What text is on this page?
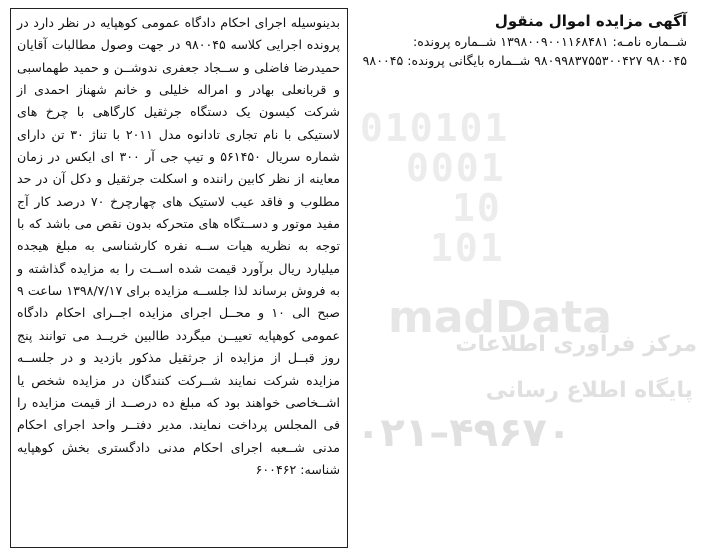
010101
0001
10
101
madData
مرکز فرآوری اطلاعات
پایگاه اطلاع رسانی
۰۲۱–۴۹۶۷۰
آگهی مزایده اموال منقول
شــماره نامـه: ۱۳۹۸۰۰۹۰۰۱۱۶۸۴۸۱ شــماره پرونده:
۹۸۰۰۴۵ ۹۸۰۹۹۸۳۷۵۵۳۰۰۴۲۷ شــماره بایگانی پرونده: ۹۸۰۰۴۵
بدینوسیله اجرای احکام دادگاه عمومی کوهپایه در نظر دارد در پرونده اجرایی کلاسه ۹۸۰۰۴۵ در جهت وصول مطالبات آقایان حمیدرضا فاضلی و ســجاد جعفری ندوشــن و حمید طهماسبی و قربانعلی بهادر و امراله خلیلی و خانم شهناز احمدی از شرکت کیسون یک دستگاه جرثقیل کارگاهی با چرخ های لاستیکی با نام تجاری تادانوه مدل ۲۰۱۱ با تناژ ۳۰ تن دارای شماره سریال ۵۶۱۴۵۰ و تیپ جی آر ۳۰۰ ای ایکس در زمان معاینه از نظر کابین راننده و اسکلت جرثقیل و دکل آن در حد مطلوب و فاقد عیب لاستیک های چهارچرخ ۷۰ درصد کار آج مفید موتور و دســتگاه های متحرکه بدون نقص می باشد که با توجه به نظریه هیات ســه نفره کارشناسی به مبلغ هیجده میلیارد ریال برآورد قیمت شده اســت را به مزایده گذاشته و به فروش برساند لذا جلســه مزایده برای ۱۳۹۸/۷/۱۷ ساعت ۹ صبح الی ۱۰ و محــل اجرای مزایده اجــرای احکام دادگاه عمومی کوهپایه تعییــن میگردد طالبین خریــد می توانند پنج روز قبــل از مزایده از جرثقیل مذکور بازدید و در جلســه مزایده شرکت نمایند شــرکت کنندگان در مزایده شخص یا اشــخاصی خواهند بود که مبلغ ده درصــد از قیمت مزایده را فی المجلس پرداخت نمایند. مدیر دفتــر واحد اجرای احکام مدنی شــعبه اجرای احکام مدنی دادگستری بخش کوهپایه شناسه: ۶۰۰۴۶۲
